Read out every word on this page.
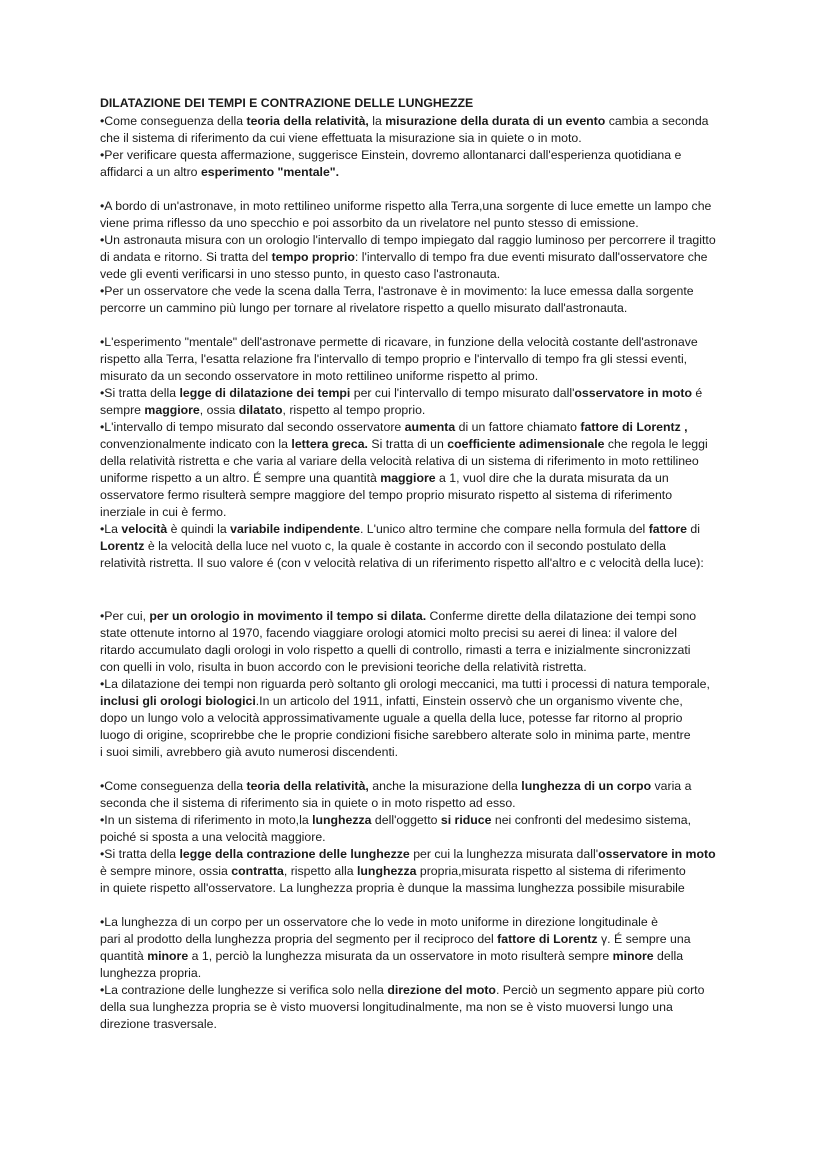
DILATAZIONE DEI TEMPI E CONTRAZIONE DELLE LUNGHEZZE

•Come conseguenza della teoria della relatività, la misurazione della durata di un evento cambia a seconda
che il sistema di riferimento da cui viene effettuata la misurazione sia in quiete o in moto.

•Per verificare questa affermazione, suggerisce Einstein, dovremo allontanarci dall'esperienza quotidiana e
affidarci a un altro esperimento "mentale".

•A bordo di un'astronave, in moto rettilineo uniforme rispetto alla Terra,una sorgente di luce emette un lampo che
viene prima riflesso da uno specchio e poi assorbito da un rivelatore nel punto stesso di emissione.

•Un astronauta misura con un orologio l'intervallo di tempo impiegato dal raggio luminoso per percorrere il tragitto
di andata e ritorno. Si tratta del tempo proprio: l'intervallo di tempo fra due eventi misurato dall'osservatore che
vede gli eventi verificarsi in uno stesso punto, in questo caso l'astronauta.

•Per un osservatore che vede la scena dalla Terra, l'astronave è in movimento: la luce emessa dalla sorgente
percorre un cammino più lungo per tornare al rivelatore rispetto a quello misurato dall'astronauta.

•L'esperimento "mentale" dell'astronave permette di ricavare, in funzione della velocità costante dell'astronave
rispetto alla Terra, l'esatta relazione fra l'intervallo di tempo proprio e l'intervallo di tempo fra gli stessi eventi,
misurato da un secondo osservatore in moto rettilineo uniforme rispetto al primo.

•Si tratta della legge di dilatazione dei tempi per cui l'intervallo di tempo misurato dall'osservatore in moto é
sempre maggiore, ossia dilatato, rispetto al tempo proprio.

•L'intervallo di tempo misurato dal secondo osservatore aumenta di un fattore chiamato fattore di Lorentz ,
convenzionalmente indicato con la lettera greca. Si tratta di un coefficiente adimensionale che regola le leggi
della relatività ristretta e che varia al variare della velocità relativa di un sistema di riferimento in moto rettilineo
uniforme rispetto a un altro. É sempre una quantità maggiore a 1, vuol dire che la durata misurata da un
osservatore fermo risulterà sempre maggiore del tempo proprio misurato rispetto al sistema di riferimento
inerziale in cui è fermo.

•La velocità è quindi la variabile indipendente. L'unico altro termine che compare nella formula del fattore di
Lorentz è la velocità della luce nel vuoto c, la quale è costante in accordo con il secondo postulato della
relatività ristretta. Il suo valore é (con v velocità relativa di un riferimento rispetto all'altro e c velocità della luce):

•Per cui, per un orologio in movimento il tempo si dilata. Conferme dirette della dilatazione dei tempi sono
state ottenute intorno al 1970, facendo viaggiare orologi atomici molto precisi su aerei di linea: il valore del
ritardo accumulato dagli orologi in volo rispetto a quelli di controllo, rimasti a terra e inizialmente sincronizzati
con quelli in volo, risulta in buon accordo con le previsioni teoriche della relatività ristretta.

•La dilatazione dei tempi non riguarda però soltanto gli orologi meccanici, ma tutti i processi di natura temporale,
inclusi gli orologi biologici.In un articolo del 1911, infatti, Einstein osservò che un organismo vivente che,
dopo un lungo volo a velocità approssimativamente uguale a quella della luce, potesse far ritorno al proprio
luogo di origine, scoprirebbe che le proprie condizioni fisiche sarebbero alterate solo in minima parte, mentre
i suoi simili, avrebbero già avuto numerosi discendenti.

•Come conseguenza della teoria della relatività, anche la misurazione della lunghezza di un corpo varia a
seconda che il sistema di riferimento sia in quiete o in moto rispetto ad esso.

•In un sistema di riferimento in moto,la lunghezza dell'oggetto si riduce nei confronti del medesimo sistema,
poiché si sposta a una velocità maggiore.

•Si tratta della legge della contrazione delle lunghezze per cui la lunghezza misurata dall'osservatore in moto
è sempre minore, ossia contratta, rispetto alla lunghezza propria,misurata rispetto al sistema di riferimento
in quiete rispetto all'osservatore. La lunghezza propria è dunque la massima lunghezza possibile misurabile

•La lunghezza di un corpo per un osservatore che lo vede in moto uniforme in direzione longitudinale è
pari al prodotto della lunghezza propria del segmento per il reciproco del fattore di Lorentz γ. É sempre una
quantità minore a 1, perciò la lunghezza misurata da un osservatore in moto risulterà sempre minore della
lunghezza propria.

•La contrazione delle lunghezze si verifica solo nella direzione del moto. Perciò un segmento appare più corto
della sua lunghezza propria se è visto muoversi longitudinalmente, ma non se è visto muoversi lungo una
direzione trasversale.
